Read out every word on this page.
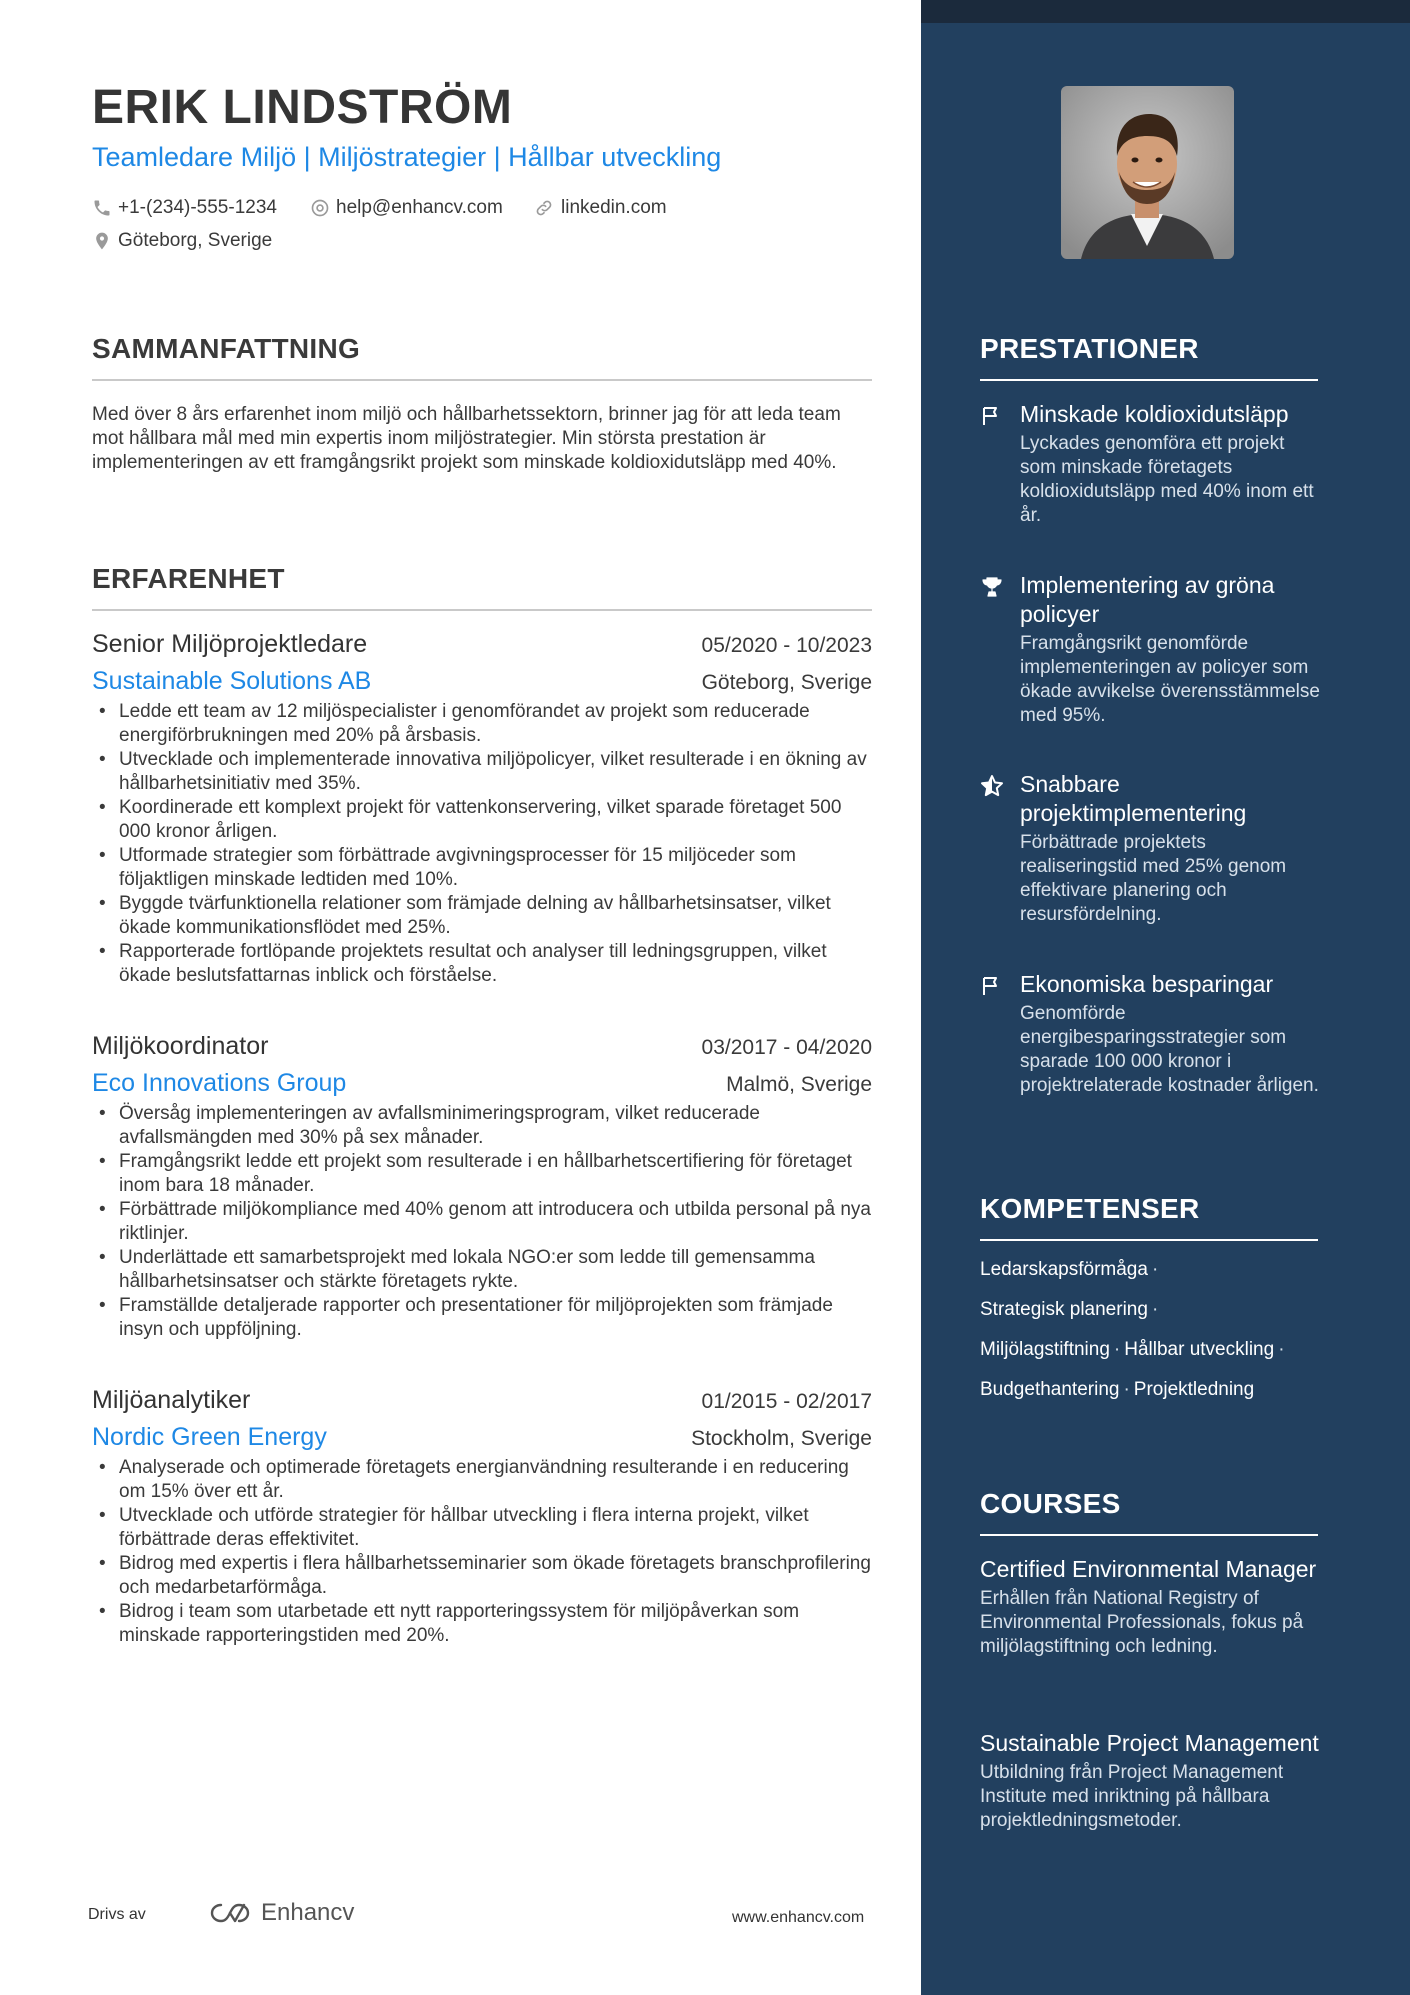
ERIK LINDSTRÖM
Teamledare Miljö | Miljöstrategier | Hållbar utveckling
+1-(234)-555-1234	help@enhancv.com	linkedin.com
Göteborg, Sverige
SAMMANFATTNING

Med över 8 års erfarenhet inom miljö och hållbarhetssektorn, brinner jag för att leda team mot hållbara mål med min expertis inom miljöstrategier. Min största prestation är implementeringen av ett framgångsrikt projekt som minskade koldioxidutsläpp med 40%.

ERFARENHET
Senior Miljöprojektledare	05/2020 - 10/2023
Sustainable Solutions AB	Göteborg, Sverige
• Ledde ett team av 12 miljöspecialister i genomförandet av projekt som reducerade energiförbrukningen med 20% på årsbasis.
• Utvecklade och implementerade innovativa miljöpolicyer, vilket resulterade i en ökning av hållbarhetsinitiativ med 35%.
• Koordinerade ett komplext projekt för vattenkonservering, vilket sparade företaget 500 000 kronor årligen.
• Utformade strategier som förbättrade avgivningsprocesser för 15 miljöceder som följaktligen minskade ledtiden med 10%.
• Byggde tvärfunktionella relationer som främjade delning av hållbarhetsinsatser, vilket ökade kommunikationsflödet med 25%.
• Rapporterade fortlöpande projektets resultat och analyser till ledningsgruppen, vilket ökade beslutsfattarnas inblick och förståelse.
Miljökoordinator	03/2017 - 04/2020
Eco Innovations Group	Malmö, Sverige
• Översåg implementeringen av avfallsminimeringsprogram, vilket reducerade avfallsmängden med 30% på sex månader.
• Framgångsrikt ledde ett projekt som resulterade i en hållbarhetscertifiering för företaget inom bara 18 månader.
• Förbättrade miljökompliance med 40% genom att introducera och utbilda personal på nya riktlinjer.
• Underlättade ett samarbetsprojekt med lokala NGO:er som ledde till gemensamma hållbarhetsinsatser och stärkte företagets rykte.
• Framställde detaljerade rapporter och presentationer för miljöprojekten som främjade insyn och uppföljning.
Miljöanalytiker	01/2015 - 02/2017
Nordic Green Energy	Stockholm, Sverige
• Analyserade och optimerade företagets energianvändning resulterande i en reducering om 15% över ett år.
• Utvecklade och utförde strategier för hållbar utveckling i flera interna projekt, vilket förbättrade deras effektivitet.
• Bidrog med expertis i flera hållbarhetsseminarier som ökade företagets branschprofilering och medarbetarförmåga.
• Bidrog i team som utarbetade ett nytt rapporteringssystem för miljöpåverkan som minskade rapporteringstiden med 20%.
Drivs av	Enhancv	www.enhancv.com
PRESTATIONER
Minskade koldioxidutsläpp
Lyckades genomföra ett projekt som minskade företagets koldioxidutsläpp med 40% inom ett år.
Implementering av gröna policyer
Framgångsrikt genomförde implementeringen av policyer som ökade avvikelse överensstämmelse med 95%.
Snabbare projektimplementering
Förbättrade projektets realiseringstid med 25% genom effektivare planering och resursfördelning.
Ekonomiska besparingar
Genomförde energibesparingsstrategier som sparade 100 000 kronor i projektrelaterade kostnader årligen.
KOMPETENSER
Ledarskapsförmåga ·
Strategisk planering ·
Miljölagstiftning · Hållbar utveckling ·
Budgethantering · Projektledning
COURSES
Certified Environmental Manager
Erhållen från National Registry of Environmental Professionals, fokus på miljölagstiftning och ledning.
Sustainable Project Management
Utbildning från Project Management Institute med inriktning på hållbara projektledningsmetoder.
